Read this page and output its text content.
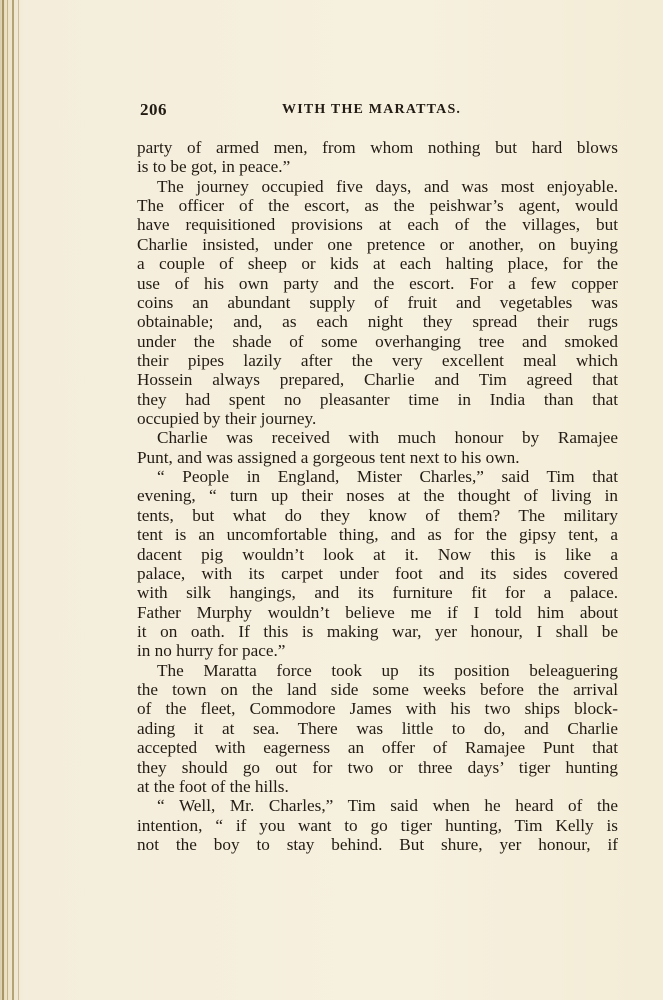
206	WITH THE MARATTAS.
party of armed men, from whom nothing but hard blows
is to be got, in peace.”
The journey occupied five days, and was most enjoyable.
The officer of the escort, as the peishwar’s agent, would
have requisitioned provisions at each of the villages, but
Charlie insisted, under one pretence or another, on buying
a couple of sheep or kids at each halting place, for the
use of his own party and the escort. For a few copper
coins an abundant supply of fruit and vegetables was
obtainable; and, as each night they spread their rugs
under the shade of some overhanging tree and smoked
their pipes lazily after the very excellent meal which
Hossein always prepared, Charlie and Tim agreed that
they had spent no pleasanter time in India than that
occupied by their journey.
Charlie was received with much honour by Ramajee
Punt, and was assigned a gorgeous tent next to his own.
“ People in England, Mister Charles,” said Tim that
evening, “ turn up their noses at the thought of living in
tents, but what do they know of them? The military
tent is an uncomfortable thing, and as for the gipsy tent, a
dacent pig wouldn’t look at it. Now this is like a
palace, with its carpet under foot and its sides covered
with silk hangings, and its furniture fit for a palace.
Father Murphy wouldn’t believe me if I told him about
it on oath. If this is making war, yer honour, I shall be
in no hurry for pace.”
The Maratta force took up its position beleaguering
the town on the land side some weeks before the arrival
of the fleet, Commodore James with his two ships block-
ading it at sea. There was little to do, and Charlie
accepted with eagerness an offer of Ramajee Punt that
they should go out for two or three days’ tiger hunting
at the foot of the hills.
“ Well, Mr. Charles,” Tim said when he heard of the
intention, “ if you want to go tiger hunting, Tim Kelly is
not the boy to stay behind. But shure, yer honour, if
